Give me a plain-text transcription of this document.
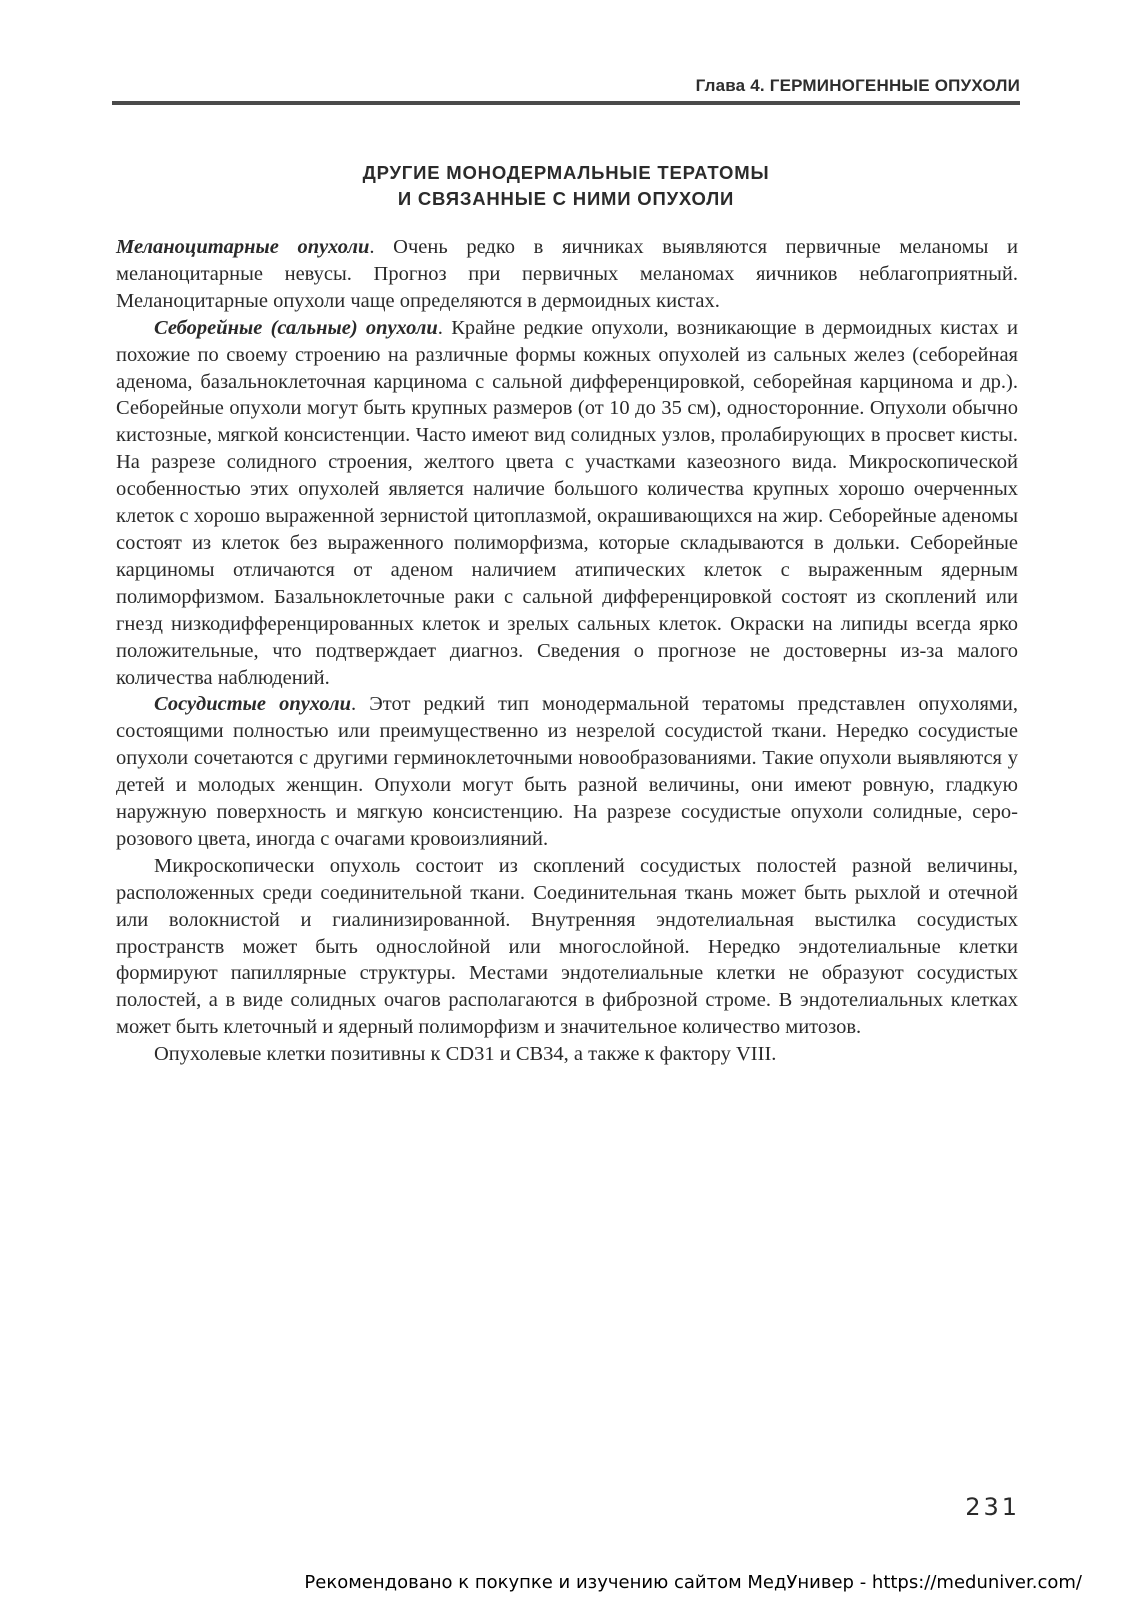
Глава 4. ГЕРМИНОГЕННЫЕ ОПУХОЛИ
ДРУГИЕ МОНОДЕРМАЛЬНЫЕ ТЕРАТОМЫ
И СВЯЗАННЫЕ С НИМИ ОПУХОЛИ

Меланоцитарные опухоли. Очень редко в яичниках выявляются первичные меланомы и меланоцитарные невусы. Прогноз при первичных меланомах яичников неблагоприятный. Меланоцитарные опухоли чаще определяются в дермоидных кистах.

Себорейные (сальные) опухоли. Крайне редкие опухоли, возникающие в дермоидных кистах и похожие по своему строению на различные формы кожных опухолей из сальных желез (себорейная аденома, базальноклеточная карцинома с сальной дифференцировкой, себорейная карцинома и др.). Себорейные опухоли могут быть крупных размеров (от 10 до 35 см), односторонние. Опухоли обычно кистозные, мягкой консистенции. Часто имеют вид солидных узлов, пролабирующих в просвет кисты. На разрезе солидного строения, желтого цвета с участками казеозного вида. Микроскопической особенностью этих опухолей является наличие большого количества крупных хорошо очерченных клеток с хорошо выраженной зернистой цитоплазмой, окрашивающихся на жир. Себорейные аденомы состоят из клеток без выраженного полиморфизма, которые складываются в дольки. Себорейные карциномы отличаются от аденом наличием атипических клеток с выраженным ядерным полиморфизмом. Базальноклеточные раки с сальной дифференцировкой состоят из скоплений или гнезд низкодифференцированных клеток и зрелых сальных клеток. Окраски на липиды всегда ярко положительные, что подтверждает диагноз. Сведения о прогнозе не достоверны из-за малого количества наблюдений.

Сосудистые опухоли. Этот редкий тип монодермальной тератомы представлен опухолями, состоящими полностью или преимущественно из незрелой сосудистой ткани. Нередко сосудистые опухоли сочетаются с другими герминоклеточными новообразованиями. Такие опухоли выявляются у детей и молодых женщин. Опухоли могут быть разной величины, они имеют ровную, гладкую наружную поверхность и мягкую консистенцию. На разрезе сосудистые опухоли солидные, серо-розового цвета, иногда с очагами кровоизлияний.

Микроскопически опухоль состоит из скоплений сосудистых полостей разной величины, расположенных среди соединительной ткани. Соединительная ткань может быть рыхлой и отечной или волокнистой и гиалинизированной. Внутренняя эндотелиальная выстилка сосудистых пространств может быть однослойной или многослойной. Нередко эндотелиальные клетки формируют папиллярные структуры. Местами эндотелиальные клетки не образуют сосудистых полостей, а в виде солидных очагов располагаются в фиброзной строме. В эндотелиальных клетках может быть клеточный и ядерный полиморфизм и значительное количество митозов.

Опухолевые клетки позитивны к CD31 и CB34, а также к фактору VIII.

231
Рекомендовано к покупке и изучению сайтом МедУнивер - https://meduniver.com/
